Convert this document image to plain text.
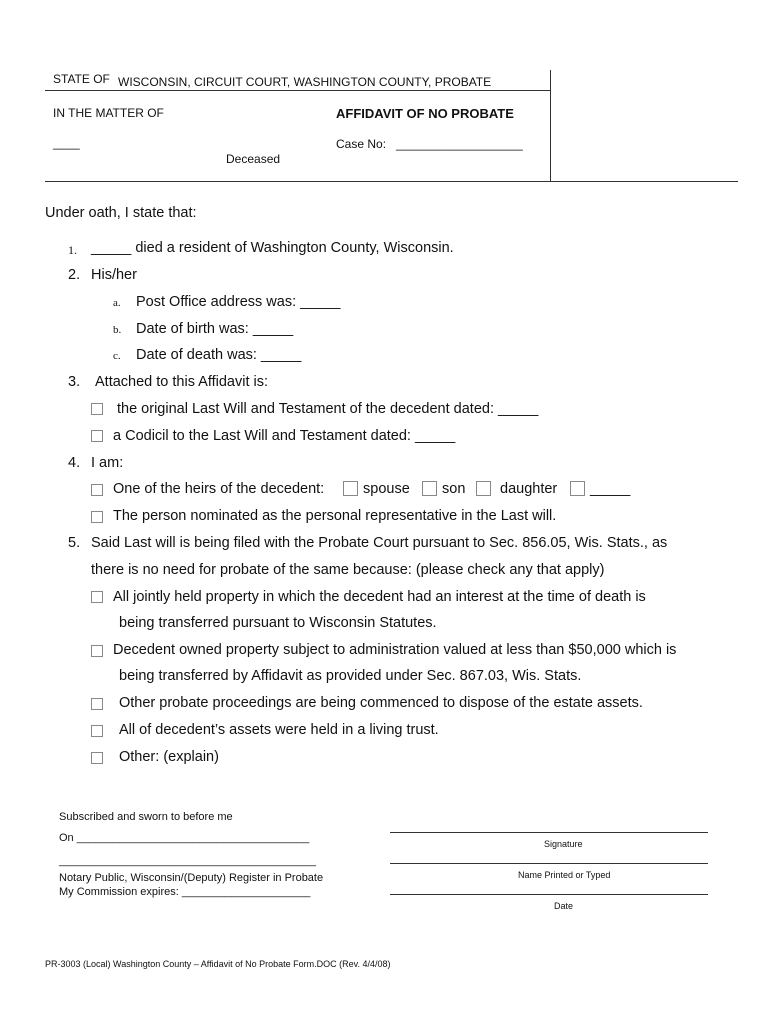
STATE OF WISCONSIN, CIRCUIT COURT, WASHINGTON COUNTY, PROBATE
IN THE MATTER OF	AFFIDAVIT OF NO PROBATE
____	Case No: ___________________
Deceased
Under oath, I state that:
1. _____ died a resident of Washington County, Wisconsin.
2. His/her
a. Post Office address was: _____
b. Date of birth was: _____
c. Date of death was: _____
3. Attached to this Affidavit is:
the original Last Will and Testament of the decedent dated: _____
a Codicil to the Last Will and Testament dated: _____
4. I am:
One of the heirs of the decedent:	spouse son daughter _____
The person nominated as the personal representative in the Last will.
5. Said Last will is being filed with the Probate Court pursuant to Sec. 856.05, Wis. Stats., as
there is no need for probate of the same because: (please check any that apply)
All jointly held property in which the decedent had an interest at the time of death is
being transferred pursuant to Wisconsin Statutes.
Decedent owned property subject to administration valued at less than $50,000 which is
being transferred by Affidavit as provided under Sec. 867.03, Wis. Stats.
Other probate proceedings are being commenced to dispose of the estate assets.
All of decedent’s assets were held in a living trust.
Other: (explain)
Subscribed and sworn to before me
On ______________________________________
__________________________________________
Notary Public, Wisconsin/(Deputy) Register in Probate
My Commission expires: _____________________
Signature
Name Printed or Typed
Date
PR-3003 (Local) Washington County – Affidavit of No Probate Form.DOC (Rev. 4/4/08)
